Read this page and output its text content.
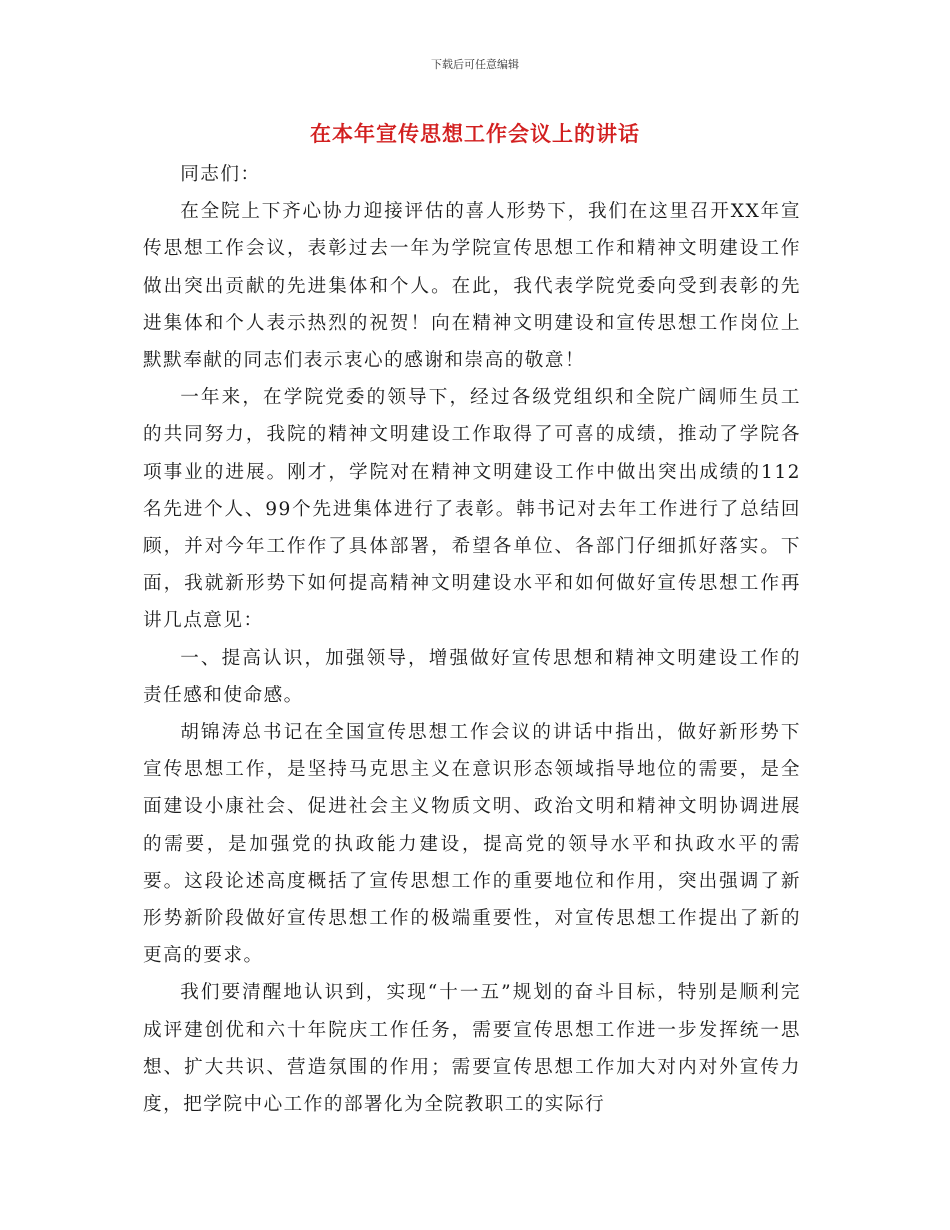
下载后可任意编辑
在本年宣传思想工作会议上的讲话

同志们：

在全院上下齐心协力迎接评估的喜人形势下，我们在这里召开XX年宣传思想工作会议，表彰过去一年为学院宣传思想工作和精神文明建设工作做出突出贡献的先进集体和个人。在此，我代表学院党委向受到表彰的先进集体和个人表示热烈的祝贺！向在精神文明建设和宣传思想工作岗位上默默奉献的同志们表示衷心的感谢和崇高的敬意！

一年来，在学院党委的领导下，经过各级党组织和全院广阔师生员工的共同努力，我院的精神文明建设工作取得了可喜的成绩，推动了学院各项事业的进展。刚才，学院对在精神文明建设工作中做出突出成绩的112名先进个人、99个先进集体进行了表彰。韩书记对去年工作进行了总结回顾，并对今年工作作了具体部署，希望各单位、各部门仔细抓好落实。下面，我就新形势下如何提高精神文明建设水平和如何做好宣传思想工作再讲几点意见：

一、提高认识，加强领导，增强做好宣传思想和精神文明建设工作的责任感和使命感。

胡锦涛总书记在全国宣传思想工作会议的讲话中指出，做好新形势下宣传思想工作，是坚持马克思主义在意识形态领域指导地位的需要，是全面建设小康社会、促进社会主义物质文明、政治文明和精神文明协调进展的需要，是加强党的执政能力建设，提高党的领导水平和执政水平的需要。这段论述高度概括了宣传思想工作的重要地位和作用，突出强调了新形势新阶段做好宣传思想工作的极端重要性，对宣传思想工作提出了新的更高的要求。

我们要清醒地认识到，实现“十一五”规划的奋斗目标，特别是顺利完成评建创优和六十年院庆工作任务，需要宣传思想工作进一步发挥统一思想、扩大共识、营造氛围的作用；需要宣传思想工作加大对内对外宣传力度，把学院中心工作的部署化为全院教职工的实际行
